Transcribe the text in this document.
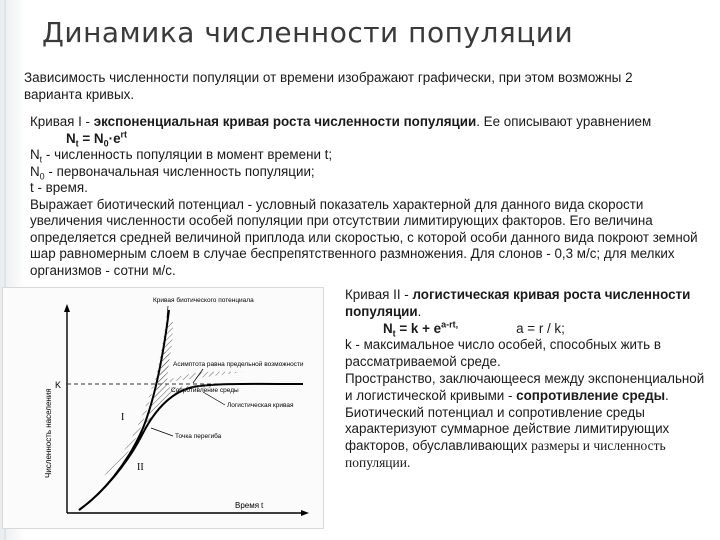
Динамика численности популяции
Зависимость численности популяции от времени изображают графически, при этом возможны 2 варианта кривых.

Кривая I - экспоненциальная кривая роста численности популяции. Ее описывают уравнением

$N_t = N_0\cdot e^{rt}$

$N_t$ - численность популяции в момент времени t;

$N_0$ - первоначальная численность популяции;

t - время.

Выражает биотический потенциал - условный показатель характерной для данного вида скорости увеличения численности особей популяции при отсутствии лимитирующих факторов. Его величина определяется средней величиной приплода или скоростью, с которой особи данного вида покроют земной шар равномерным слоем в случае беспрепятственного размножения. Для слонов - 0,3 м/с; для мелких организмов - сотни м/с.

K
Численность населения
Время t
Кривая биотического потенциала
Асимптота равна предельной возможности
Сопротивление среды
Логистическая кривая
Точка перегиба
I
II

Кривая II - логистическая кривая роста численности популяции.

$N_t = k + e^{a-rt,}$	a = r / k;

k - максимальное число особей, способных жить в рассматриваемой среде.

Пространство, заключающееся между экспоненциальной и логистической кривыми - сопротивление среды. Биотический потенциал и сопротивление среды характеризуют суммарное действие лимитирующих факторов, обуславливающих размеры и численность популяции.
